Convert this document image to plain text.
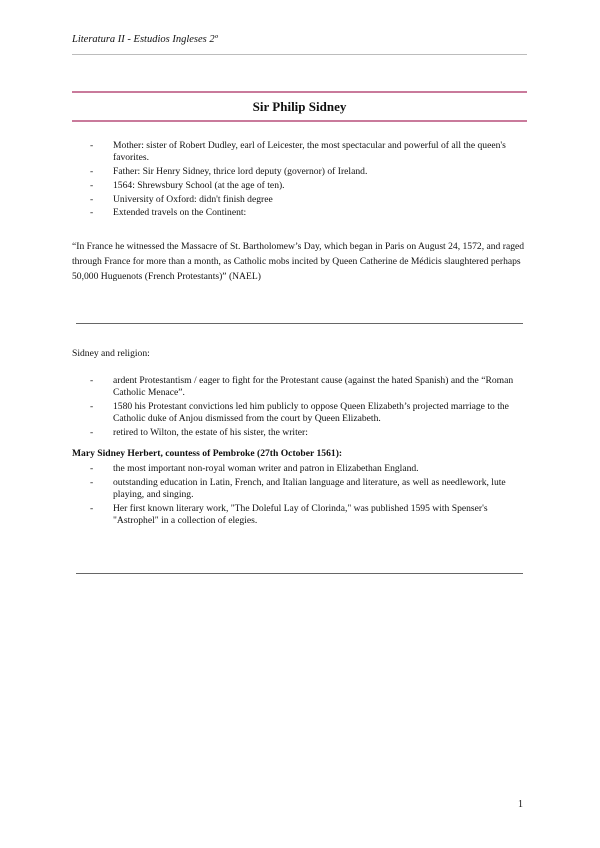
Literatura II - Estudios Ingleses 2º
Sir Philip Sidney
- Mother: sister of Robert Dudley, earl of Leicester, the most spectacular and powerful of all the queen's favorites.
- Father: Sir Henry Sidney, thrice lord deputy (governor) of Ireland.
- 1564: Shrewsbury School (at the age of ten).
- University of Oxford: didn't finish degree
- Extended travels on the Continent:
“In France he witnessed the Massacre of St. Bartholomew’s Day, which began in Paris on August 24, 1572, and raged through France for more than a month, as Catholic mobs incited by Queen Catherine de Médicis slaughtered perhaps 50,000 Huguenots (French Protestants)” (NAEL)
Sidney and religion:
- ardent Protestantism / eager to fight for the Protestant cause (against the hated Spanish) and the “Roman Catholic Menace”.
- 1580 his Protestant convictions led him publicly to oppose Queen Elizabeth’s projected marriage to the Catholic duke of Anjou dismissed from the court by Queen Elizabeth.
- retired to Wilton, the estate of his sister, the writer:
Mary Sidney Herbert, countess of Pembroke (27th October 1561):
- the most important non-royal woman writer and patron in Elizabethan England.
- outstanding education in Latin, French, and Italian language and literature, as well as needlework, lute playing, and singing.
- Her first known literary work, "The Doleful Lay of Clorinda," was published 1595 with Spenser's "Astrophel" in a collection of elegies.
1
